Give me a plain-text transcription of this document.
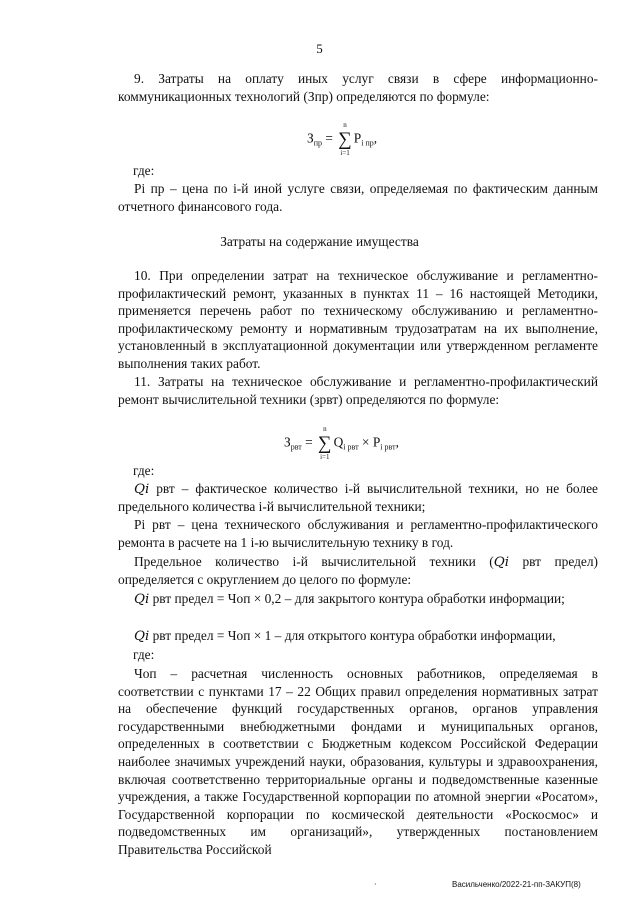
5
9. Затраты на оплату иных услуг связи в сфере информационно-коммуникационных технологий (Зпр) определяются по формуле:
$З_{пр}$ =
n
∑
i=1
$P_{i пр}$,
где:
Pi пр – цена по i-й иной услуге связи, определяемая по фактическим данным отчетного финансового года.
Затраты на содержание имущества
10. При определении затрат на техническое обслуживание и регламентно-профилактический ремонт, указанных в пунктах 11 – 16 настоящей Методики, применяется перечень работ по техническому обслуживанию и регламентно-профилактическому ремонту и нормативным трудозатратам на их выполнение, установленный в эксплуатационной документации или утвержденном регламенте выполнения таких работ.
11. Затраты на техническое обслуживание и регламентно-профилактический ремонт вычислительной техники (зрвт) определяются по формуле:
$З_{рвт}$ =
n
∑
i=1
$Q_{i рвт} \times P_{i рвт}$,
где:
𝑄𝑖 рвт – фактическое количество i-й вычислительной техники, но не более предельного количества i-й вычислительной техники;
Pi рвт – цена технического обслуживания и регламентно-профилактического ремонта в расчете на 1 i-ю вычислительную технику в год.
Предельное количество i-й вычислительной техники (𝑄𝑖 рвт предел) определяется с округлением до целого по формуле:
𝑄𝑖 рвт предел = Чоп × 0,2 – для закрытого контура обработки информации;
𝑄𝑖 рвт предел = Чоп × 1 – для открытого контура обработки информации,
где:
Чоп – расчетная численность основных работников, определяемая в соответствии с пунктами 17 – 22 Общих правил определения нормативных затрат на обеспечение функций государственных органов, органов управления государственными внебюджетными фондами и муниципальных органов, определенных в соответствии с Бюджетным кодексом Российской Федерации наиболее значимых учреждений науки, образования, культуры и здравоохранения, включая соответственно территориальные органы и подведомственные казенные учреждения, а также Государственной корпорации по атомной энергии «Росатом», Государственной корпорации по космической деятельности «Роскосмос» и подведомственных им организаций», утвержденных постановлением Правительства Российской
·	Васильченко/2022-21-пп-ЗАКУП(8)
